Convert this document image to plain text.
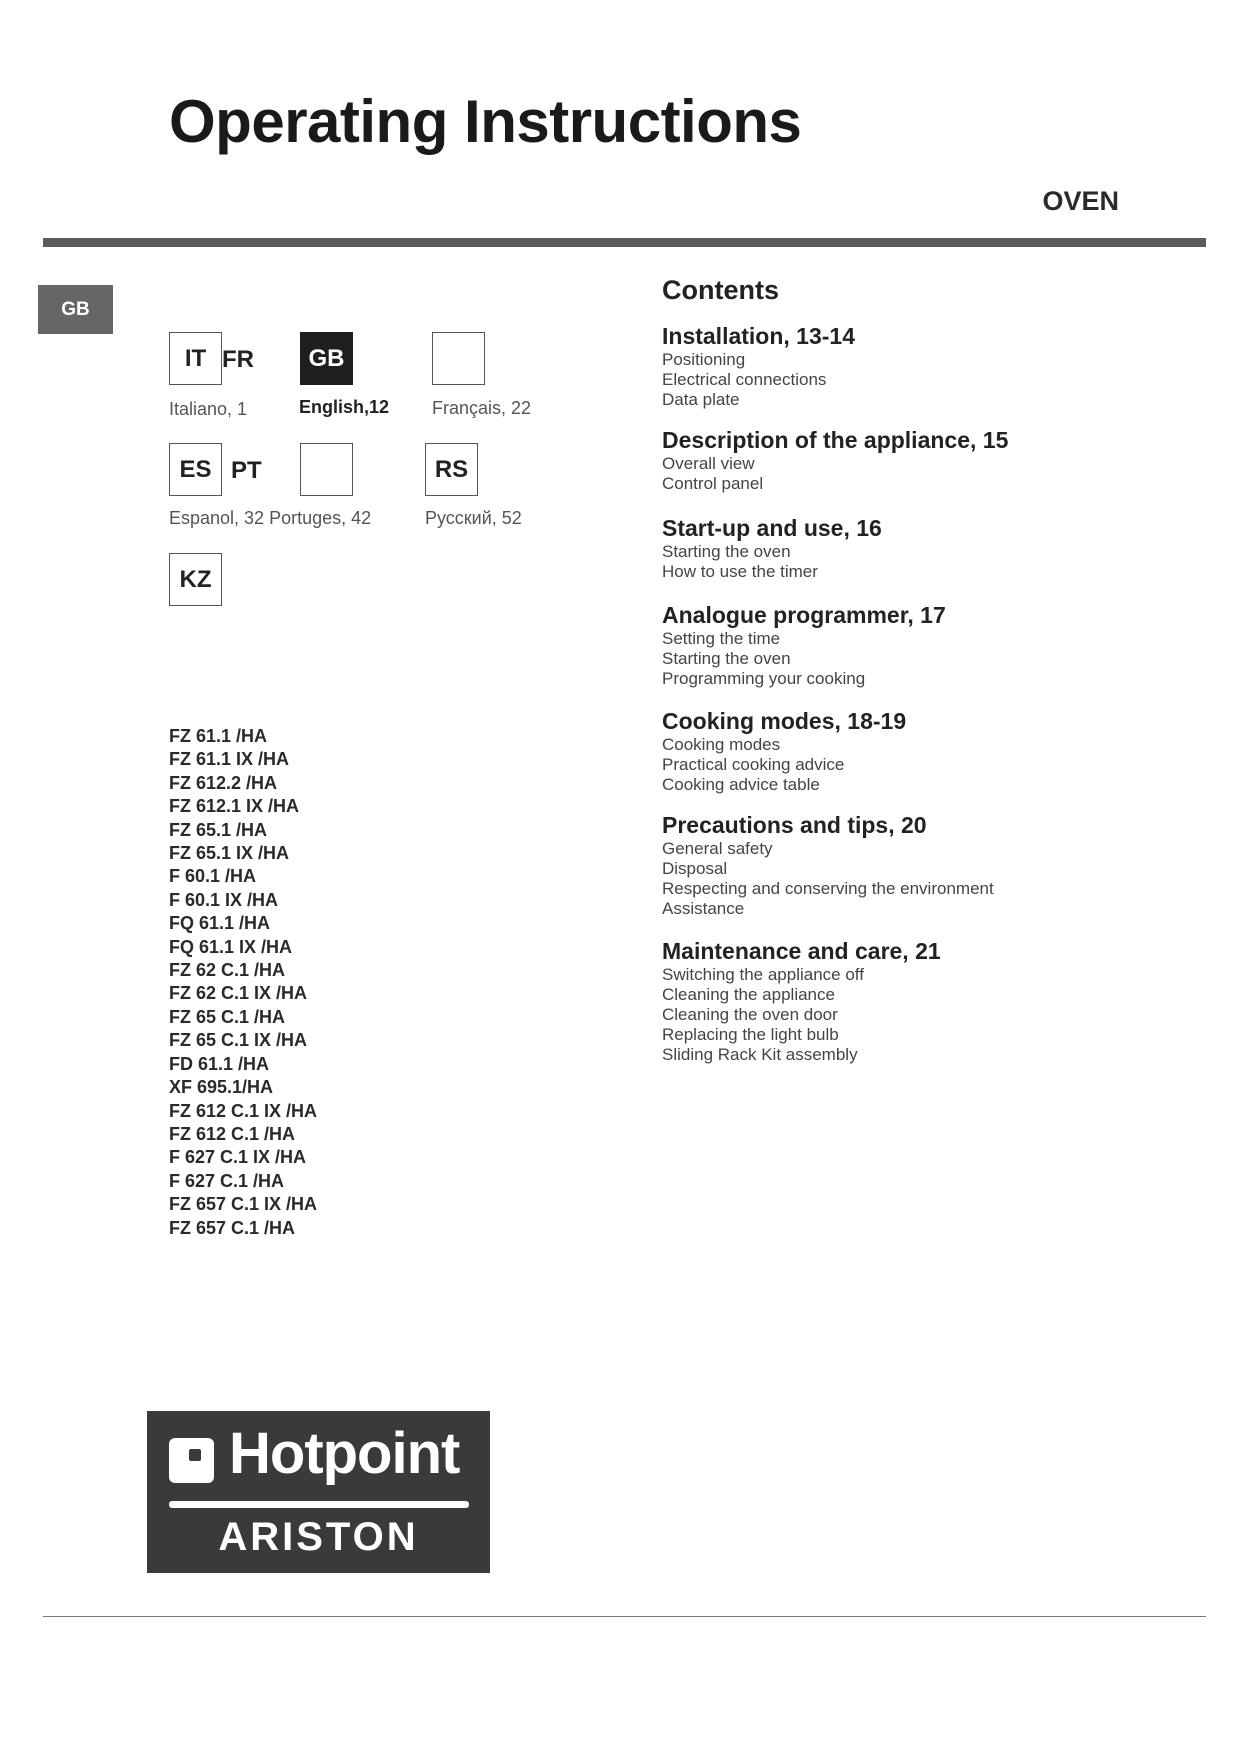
Operating Instructions
OVEN
GB
IT FR GB
Italiano, 1	English,12 Français, 22
ES PT	RS
Espanol, 32 Portuges, 42	Русский, 52
KZ
FZ 61.1 /HA
FZ 61.1 IX /HA
FZ 612.2 /HA
FZ 612.1 IX /HA
FZ 65.1 /HA
FZ 65.1 IX /HA
F 60.1 /HA
F 60.1 IX /HA
FQ 61.1 /HA
FQ 61.1 IX /HA
FZ 62 C.1 /HA
FZ 62 C.1 IX /HA
FZ 65 C.1 /HA
FZ 65 C.1 IX /HA
FD 61.1 /HA
XF 695.1/HA
FZ 612 C.1 IX /HA
FZ 612 C.1 /HA
F 627 C.1 IX /HA
F 627 C.1 /HA
FZ 657 C.1 IX /HA
FZ 657 C.1 /HA
Hotpoint
ARISTON
Contents
Installation, 13-14
Positioning
Electrical connections
Data plate
Description of the appliance, 15
Overall view
Control panel
Start-up and use, 16
Starting the oven
How to use the timer
Analogue programmer, 17
Setting the time
Starting the oven
Programming your cooking
Cooking modes, 18-19
Cooking modes
Practical cooking advice
Cooking advice table
Precautions and tips, 20
General safety
Disposal
Respecting and conserving the environment
Assistance
Maintenance and care, 21
Switching the appliance off
Cleaning the appliance
Cleaning the oven door
Replacing the light bulb
Sliding Rack Kit assembly
